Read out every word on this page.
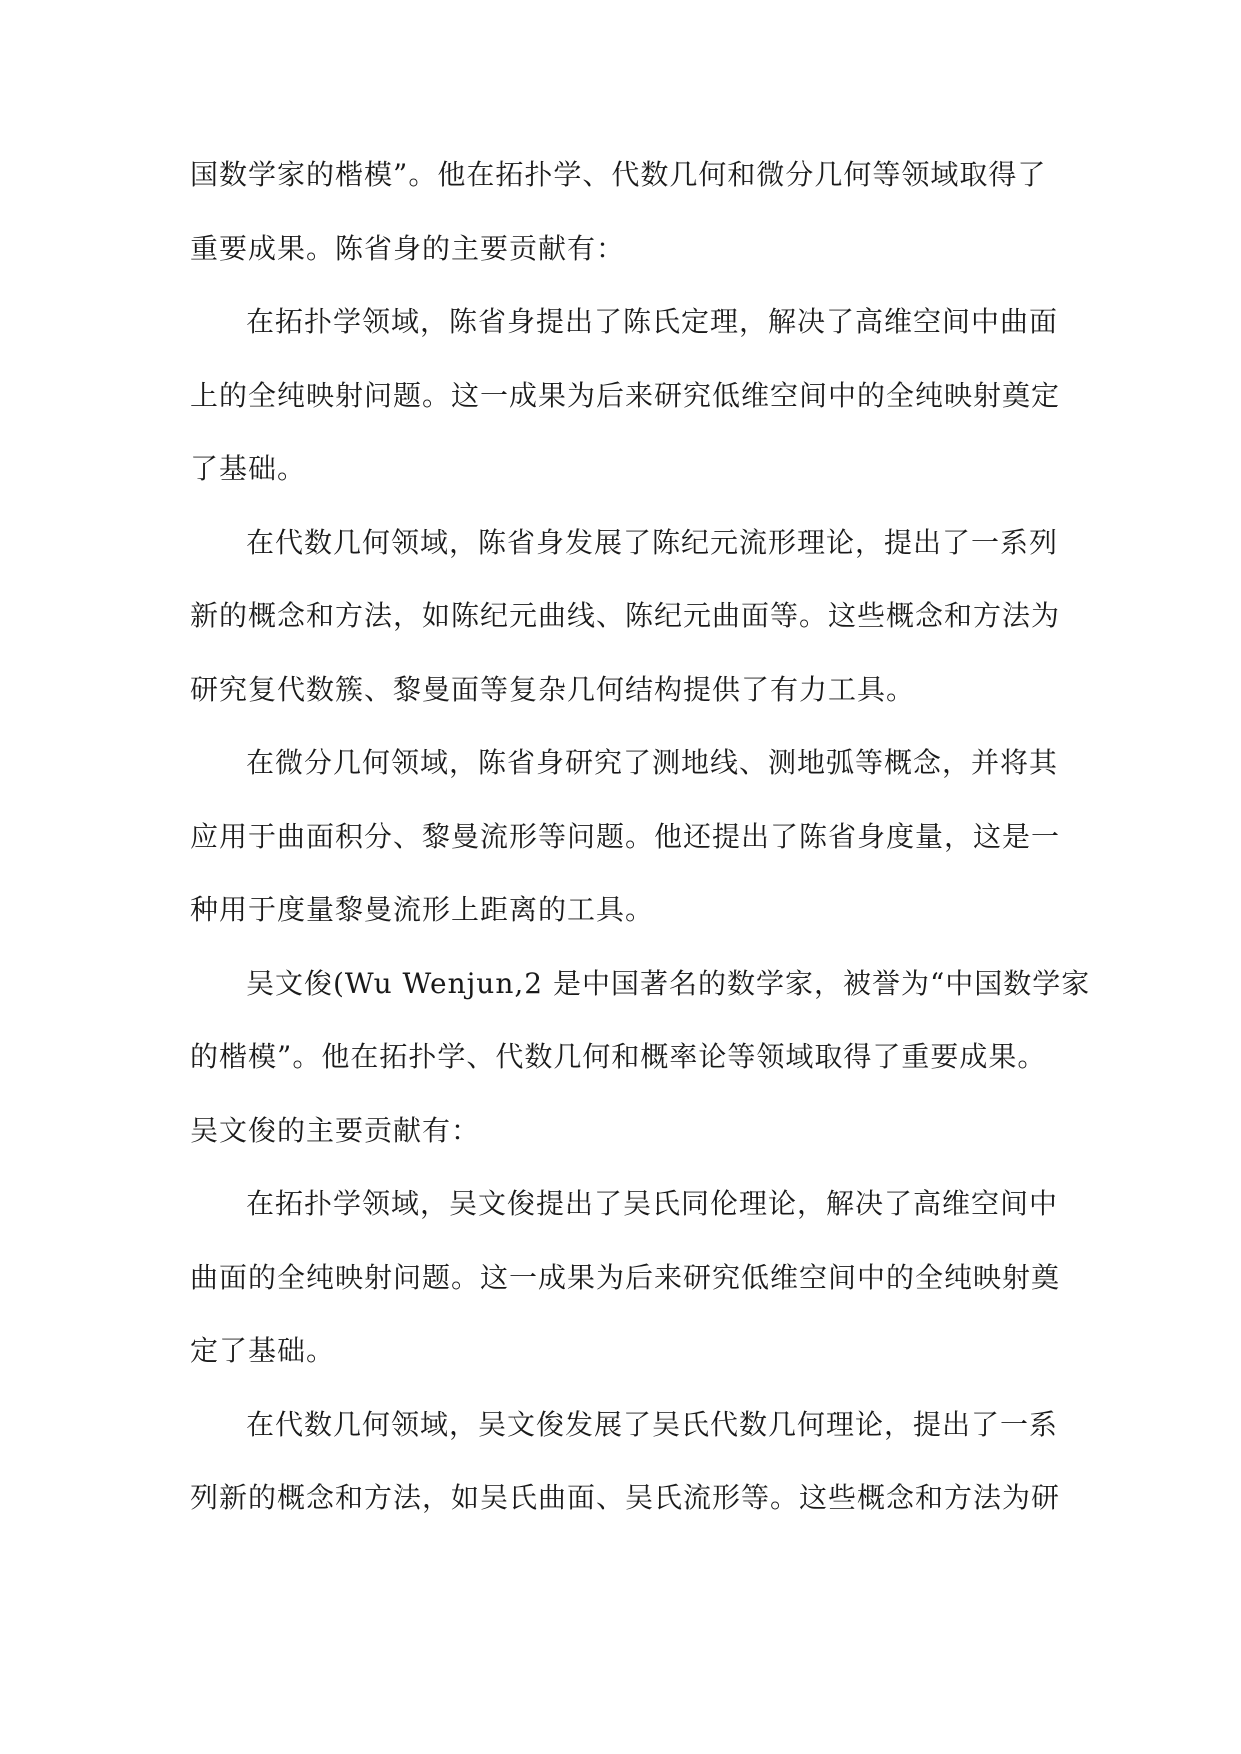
国数学家的楷模”。他在拓扑学、代数几何和微分几何等领域取得了
重要成果。陈省身的主要贡献有：
在拓扑学领域，陈省身提出了陈氏定理，解决了高维空间中曲面
上的全纯映射问题。这一成果为后来研究低维空间中的全纯映射奠定
了基础。
在代数几何领域，陈省身发展了陈纪元流形理论，提出了一系列
新的概念和方法，如陈纪元曲线、陈纪元曲面等。这些概念和方法为
研究复代数簇、黎曼面等复杂几何结构提供了有力工具。
在微分几何领域，陈省身研究了测地线、测地弧等概念，并将其
应用于曲面积分、黎曼流形等问题。他还提出了陈省身度量，这是一
种用于度量黎曼流形上距离的工具。
吴文俊(Wu Wenjun,2 是中国著名的数学家，被誉为“中国数学家
的楷模”。他在拓扑学、代数几何和概率论等领域取得了重要成果。
吴文俊的主要贡献有：
在拓扑学领域，吴文俊提出了吴氏同伦理论，解决了高维空间中
曲面的全纯映射问题。这一成果为后来研究低维空间中的全纯映射奠
定了基础。
在代数几何领域，吴文俊发展了吴氏代数几何理论，提出了一系
列新的概念和方法，如吴氏曲面、吴氏流形等。这些概念和方法为研
